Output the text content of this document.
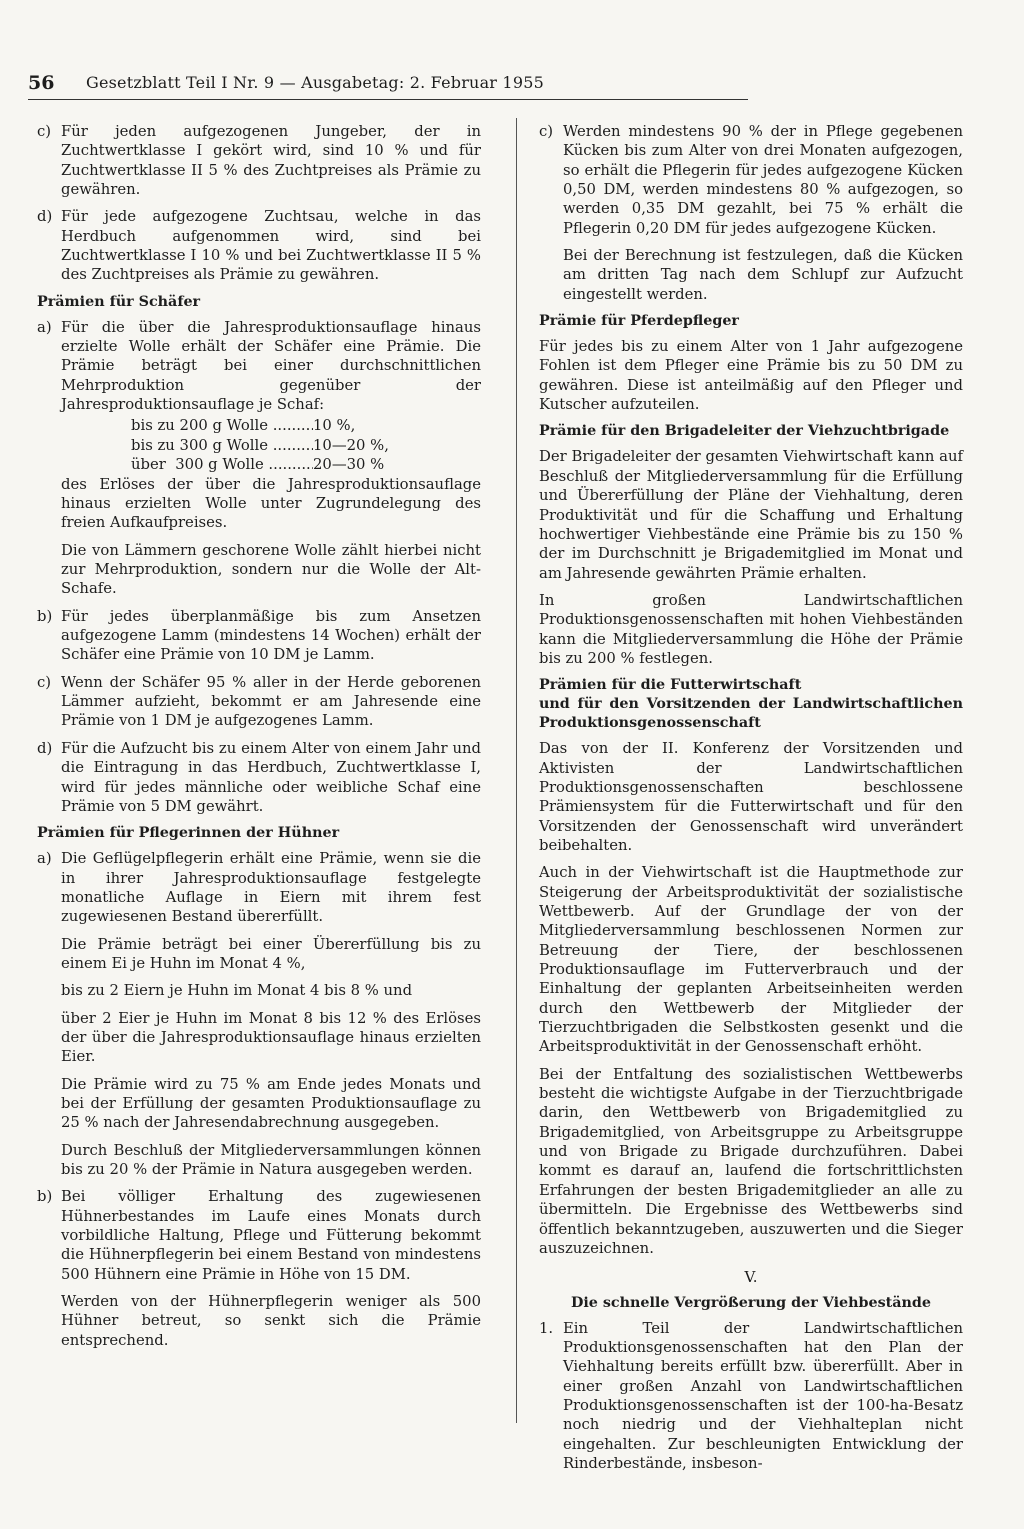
56 Gesetzblatt Teil I Nr. 9 — Ausgabetag: 2. Februar 1955
c) Für jeden aufgezogenen Jungeber, der in Zuchtwertklasse I gekört wird, sind 10 % und für Zuchtwertklasse II 5 % des Zuchtpreises als Prämie zu gewähren.

d) Für jede aufgezogene Zuchtsau, welche in das Herdbuch aufgenommen wird, sind bei Zuchtwertklasse I 10 % und bei Zuchtwertklasse II 5 % des Zuchtpreises als Prämie zu gewähren.

Prämien für Schäfer
a) Für die über die Jahresproduktionsauflage hinaus erzielte Wolle erhält der Schäfer eine Prämie. Die Prämie beträgt bei einer durchschnittlichen Mehrproduktion gegenüber der Jahresproduktionsauflage je Schaf:

bis zu 200 g Wolle .....	10 %,
bis zu 300 g Wolle .....	10—20 %,
über  300 g Wolle .....	20—30 %

des Erlöses der über die Jahresproduktionsauflage hinaus erzielten Wolle unter Zugrundelegung des freien Aufkaufpreises.

Die von Lämmern geschorene Wolle zählt hierbei nicht zur Mehrproduktion, sondern nur die Wolle der Alt-Schafe.

b) Für jedes überplanmäßige bis zum Ansetzen aufgezogene Lamm (mindestens 14 Wochen) erhält der Schäfer eine Prämie von 10 DM je Lamm.

c) Wenn der Schäfer 95 % aller in der Herde geborenen Lämmer aufzieht, bekommt er am Jahresende eine Prämie von 1 DM je aufgezogenes Lamm.

d) Für die Aufzucht bis zu einem Alter von einem Jahr und die Eintragung in das Herdbuch, Zuchtwertklasse I, wird für jedes männliche oder weibliche Schaf eine Prämie von 5 DM gewährt.

Prämien für Pflegerinnen der Hühner
a) Die Geflügelpflegerin erhält eine Prämie, wenn sie die in ihrer Jahresproduktionsauflage festgelegte monatliche Auflage in Eiern mit ihrem fest zugewiesenen Bestand übererfüllt.

Die Prämie beträgt bei einer Übererfüllung bis zu einem Ei je Huhn im Monat 4 %,

bis zu 2 Eiern je Huhn im Monat 4 bis 8 % und

über 2 Eier je Huhn im Monat 8 bis 12 % des Erlöses der über die Jahresproduktionsauflage hinaus erzielten Eier.

Die Prämie wird zu 75 % am Ende jedes Monats und bei der Erfüllung der gesamten Produktionsauflage zu 25 % nach der Jahresendabrechnung ausgegeben.

Durch Beschluß der Mitgliederversammlungen können bis zu 20 % der Prämie in Natura ausgegeben werden.

b) Bei völliger Erhaltung des zugewiesenen Hühnerbestandes im Laufe eines Monats durch vorbildliche Haltung, Pflege und Fütterung bekommt die Hühnerpflegerin bei einem Bestand von mindestens 500 Hühnern eine Prämie in Höhe von 15 DM.

Werden von der Hühnerpflegerin weniger als 500 Hühner betreut, so senkt sich die Prämie entsprechend.

c) Werden mindestens 90 % der in Pflege gegebenen Kücken bis zum Alter von drei Monaten aufgezogen, so erhält die Pflegerin für jedes aufgezogene Kücken 0,50 DM, werden mindestens 80 % aufgezogen, so werden 0,35 DM gezahlt, bei 75 % erhält die Pflegerin 0,20 DM für jedes aufgezogene Kücken.

Bei der Berechnung ist festzulegen, daß die Kücken am dritten Tag nach dem Schlupf zur Aufzucht eingestellt werden.

Prämie für Pferdepfleger

Für jedes bis zu einem Alter von 1 Jahr aufgezogene Fohlen ist dem Pfleger eine Prämie bis zu 50 DM zu gewähren. Diese ist anteilmäßig auf den Pfleger und Kutscher aufzuteilen.

Prämie für den Brigadeleiter der Viehzuchtbrigade

Der Brigadeleiter der gesamten Viehwirtschaft kann auf Beschluß der Mitgliederversammlung für die Erfüllung und Übererfüllung der Pläne der Viehhaltung, deren Produktivität und für die Schaffung und Erhaltung hochwertiger Viehbestände eine Prämie bis zu 150 % der im Durchschnitt je Brigademitglied im Monat und am Jahresende gewährten Prämie erhalten.

In großen Landwirtschaftlichen Produktionsgenossenschaften mit hohen Viehbeständen kann die Mitgliederversammlung die Höhe der Prämie bis zu 200 % festlegen.

Prämien für die Futterwirtschaft
und für den Vorsitzenden der Landwirtschaftlichen Produktionsgenossenschaft

Das von der II. Konferenz der Vorsitzenden und Aktivisten der Landwirtschaftlichen Produktionsgenossenschaften beschlossene Prämiensystem für die Futterwirtschaft und für den Vorsitzenden der Genossenschaft wird unverändert beibehalten.

Auch in der Viehwirtschaft ist die Hauptmethode zur Steigerung der Arbeitsproduktivität der sozialistische Wettbewerb. Auf der Grundlage der von der Mitgliederversammlung beschlossenen Normen zur Betreuung der Tiere, der beschlossenen Produktionsauflage im Futterverbrauch und der Einhaltung der geplanten Arbeitseinheiten werden durch den Wettbewerb der Mitglieder der Tierzuchtbrigaden die Selbstkosten gesenkt und die Arbeitsproduktivität in der Genossenschaft erhöht.

Bei der Entfaltung des sozialistischen Wettbewerbs besteht die wichtigste Aufgabe in der Tierzuchtbrigade darin, den Wettbewerb von Brigademitglied zu Brigademitglied, von Arbeitsgruppe zu Arbeitsgruppe und von Brigade zu Brigade durchzuführen. Dabei kommt es darauf an, laufend die fortschrittlichsten Erfahrungen der besten Brigademitglieder an alle zu übermitteln. Die Ergebnisse des Wettbewerbs sind öffentlich bekanntzugeben, auszuwerten und die Sieger auszuzeichnen.

V.
Die schnelle Vergrößerung der Viehbestände
1. Ein Teil der Landwirtschaftlichen Produktionsgenossenschaften hat den Plan der Viehhaltung bereits erfüllt bzw. übererfüllt. Aber in einer großen Anzahl von Landwirtschaftlichen Produktionsgenossenschaften ist der 100-ha-Besatz noch niedrig und der Viehhalteplan nicht eingehalten. Zur beschleunigten Entwicklung der Rinderbestände, insbeson-
